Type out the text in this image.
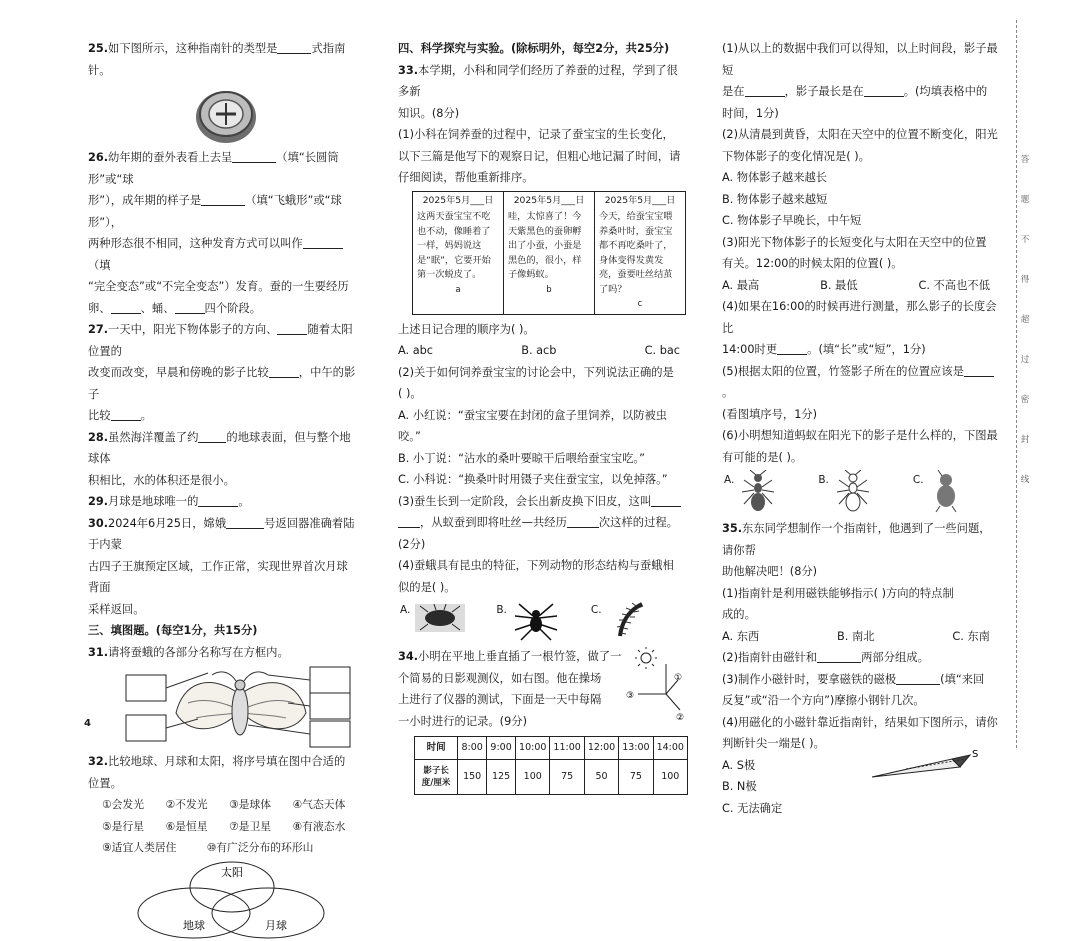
25.如下图所示，这种指南针的类型是	式指南针。

26.幼年期的蚕外表看上去呈	（填“长圆筒形”或“球
形”），成年期的样子是	（填“飞蛾形”或“球形”），
两种形态很不相同，这种发育方式可以叫作（填
“完全变态”或“不完全变态”）发育。蚕的一生要经历
卵、	、蛹、	四个阶段。

27.一天中，阳光下物体影子的方向、	随着太阳位置的
改变而改变，早晨和傍晚的影子比较	，中午的影子
比较	。

28.虽然海洋覆盖了约 的地球表面，但与整个地球体
积相比，水的体积还是很小。

29.月球是地球唯一的	。

30.2024年6月25日，嫦娥	号返回器准确着陆于内蒙
古四子王旗预定区域，工作正常，实现世界首次月球背面
采样返回。

三、填图题。(每空1分，共15分)

31.请将蚕蛾的各部分名称写在方框内。

32.比较地球、月球和太阳，将序号填在图中合适的位置。

①会发光	②不发光	③是球体	④气态天体
⑤是行星	⑥是恒星	⑦是卫星	⑧有液态水
⑨适宜人类居住	⑩有广泛分布的环形山
太阳
地球	月球

四、科学探究与实验。(除标明外，每空2分，共25分)

33.本学期，小科和同学们经历了养蚕的过程，学到了很多新
知识。(8分)
(1)小科在饲养蚕的过程中，记录了蚕宝宝的生长变化，
以下三篇是他写下的观察日记，但粗心地记漏了时间，请
仔细阅读，帮他重新排序。

2025年5月___日
这两天蚕宝宝不吃也不动，像睡着了一样，妈妈说这是“眠”，它要开始第一次蜕皮了。
a
2025年5月___日
哇，太惊喜了！今天紫黑色的蚕卵孵出了小蚕，小蚕是黑色的，很小，样子像蚂蚁。
b
2025年5月___日
今天，给蚕宝宝喂养桑叶时，蚕宝宝都不再吃桑叶了，身体变得发黄发亮，蚕要吐丝结茧了吗？
c

上述日记合理的顺序为( )。

A. abc	B. acb	C. bac

(2)关于如何饲养蚕宝宝的讨论会中，下列说法正确的是
( )。
A. 小红说：“蚕宝宝要在封闭的盒子里饲养，以防被虫咬。”
B. 小丁说：“沾水的桑叶要晾干后喂给蚕宝宝吃。”
C. 小科说：“换桑叶时用镊子夹住蚕宝宝，以免掉落。”

(3)蚕生长到一定阶段，会长出新皮换下旧皮，这叫
，从蚁蚕到即将吐丝—共经历	次这样的过程。
(2分)

(4)蚕蛾具有昆虫的特征，下列动物的形态结构与蚕蛾相
似的是( )。

A.	B.	C.

34.小明在平地上垂直插了一根竹签，做了一
个简易的日影观测仪，如右图。他在操场
上进行了仪器的测试，下面是一天中每隔
一小时进行的记录。(9分)

①
②
③
时间	8:00	9:00	10:00	11:00	12:00	13:00	14:00
影子长度/厘米	150	125	100	75	50	75	100

(1)从以上的数据中我们可以得知，以上时间段，影子最短
是在	，影子最长是在	。(均填表格中的
时间，1分)

(2)从清晨到黄昏，太阳在天空中的位置不断变化，阳光
下物体影子的变化情况是( )。
A. 物体影子越来越长
B. 物体影子越来越短
C. 物体影子早晚长，中午短

(3)阳光下物体影子的长短变化与太阳在天空中的位置
有关。12:00的时候太阳的位置( )。

A. 最高	B. 最低	C. 不高也不低

(4)如果在16:00的时候再进行测量，那么影子的长度会比
14:00时更	。(填“长”或“短”，1分)

(5)根据太阳的位置，竹签影子所在的位置应该是。
(看图填序号，1分)

(6)小明想知道蚂蚁在阳光下的影子是什么样的，下图最
有可能的是( )。

A.	B.	C.

35.东东同学想制作一个指南针，他遇到了一些问题，请你帮
助他解决吧！(8分)
(1)指南针是利用磁铁能够指示( )方向的特点制
成的。

A. 东西	B. 南北	C. 东南

(2)指南针由磁针和	两部分组成。

(3)制作小磁针时，要拿磁铁的磁极	(填“来回
反复”或“沿一个方向”)摩擦小钢针几次。

(4)用磁化的小磁针靠近指南针，结果如下图所示，请你
判断针尖一端是( )。

A. S极
B. N极
C. 无法确定
S
答
题
不
得
超
过
密
封
线
4
